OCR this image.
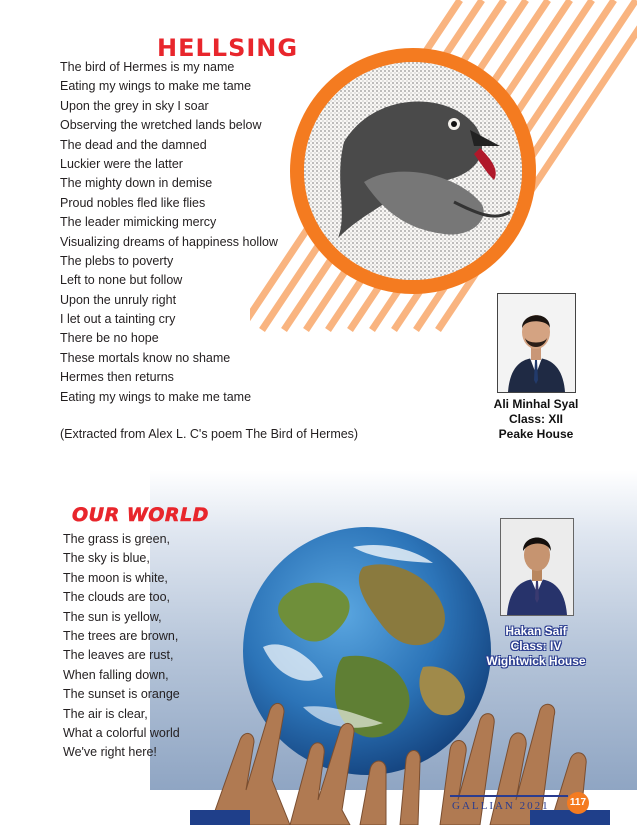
HELLSING
The bird of Hermes is my name
Eating my wings to make me tame
Upon the grey in sky I soar
Observing the wretched lands below
The dead and the damned
Luckier were the latter
The mighty down in demise
Proud nobles fled like flies
The leader mimicking mercy
Visualizing dreams of happiness hollow
The plebs to poverty
Left to none but follow
Upon the unruly right
I let out a tainting cry
There be no hope
These mortals know no shame
Hermes then returns
Eating my wings to make me tame
(Extracted from Alex L. C's poem The Bird of Hermes)
Ali Minhal Syal
Class: XII
Peake House
OUR WORLD
The grass is green,
The sky is blue,
The moon is white,
The clouds are too,
The sun is yellow,
The trees are brown,
The leaves are rust,
When falling down,
The sunset is orange
The air is clear,
What a colorful world
We've right here!
Hakan Saif
Class: IV
Wightwick House
GALLIAN 2021 117
